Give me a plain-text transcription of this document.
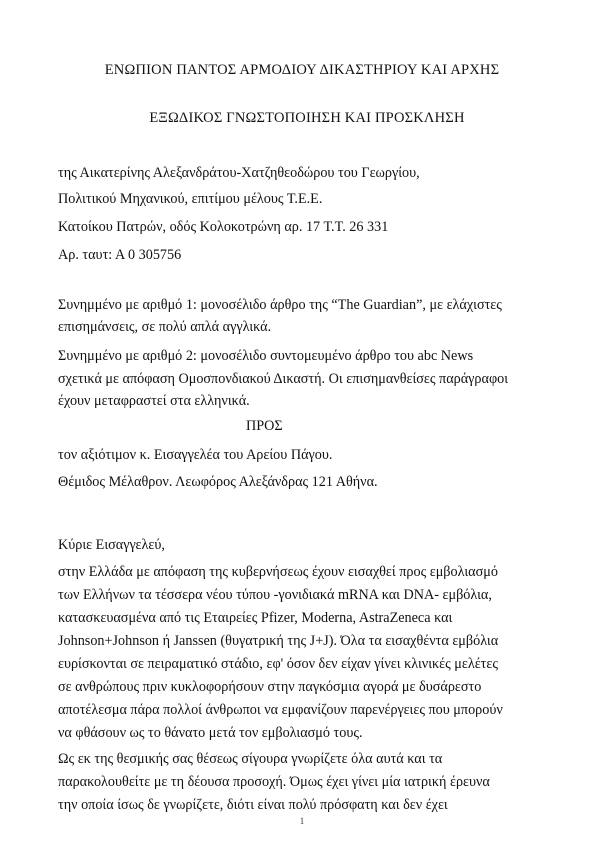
ΕΝΩΠΙΟΝ ΠΑΝΤΟΣ ΑΡΜΟΔΙΟΥ ΔΙΚΑΣΤΗΡΙΟΥ ΚΑΙ ΑΡΧΗΣ
ΕΞΩΔΙΚΟΣ ΓΝΩΣΤΟΠΟΙΗΣΗ ΚΑΙ ΠΡΟΣΚΛΗΣΗ
της Αικατερίνης Αλεξανδράτου-Χατζηθεοδώρου του Γεωργίου,
Πολιτικού Μηχανικού, επιτίμου μέλους Τ.Ε.Ε.
Κατοίκου Πατρών, οδός Κολοκοτρώνη αρ. 17 Τ.Τ. 26 331
Αρ. ταυτ: Α 0 305756
Συνημμένο με αριθμό 1: μονοσέλιδο άρθρο της “The Guardian”, με ελάχιστες
επισημάνσεις, σε πολύ απλά αγγλικά.
Συνημμένο με αριθμό 2: μονοσέλιδο συντομευμένο άρθρο του abc News
σχετικά με απόφαση Ομοσπονδιακού Δικαστή. Οι επισημανθείσες παράγραφοι
έχουν μεταφραστεί στα ελληνικά.
ΠΡΟΣ
τον αξιότιμον κ. Εισαγγελέα του Αρείου Πάγου.
Θέμιδος Μέλαθρον. Λεωφόρος Αλεξάνδρας 121 Αθήνα.
Κύριε Εισαγγελεύ,
στην Ελλάδα με απόφαση της κυβερνήσεως έχουν εισαχθεί προς εμβολιασμό
των Ελλήνων τα τέσσερα νέου τύπου -γονιδιακά mRNA και DNA- εμβόλια,
κατασκευασμένα από τις Εταιρείες Pfizer, Moderna, AstraZeneca και
Johnson+Johnson ή Janssen (θυγατρική της J+J). Όλα τα εισαχθέντα εμβόλια
ευρίσκονται σε πειραματικό στάδιο, εφ' όσον δεν είχαν γίνει κλινικές μελέτες
σε ανθρώπους πριν κυκλοφορήσουν στην παγκόσμια αγορά με δυσάρεστο
αποτέλεσμα πάρα πολλοί άνθρωποι να εμφανίζουν παρενέργειες που μπορούν
να φθάσουν ως το θάνατο μετά τον εμβολιασμό τους.
Ως εκ της θεσμικής σας θέσεως σίγουρα γνωρίζετε όλα αυτά και τα
παρακολουθείτε με τη δέουσα προσοχή. Όμως έχει γίνει μία ιατρική έρευνα
την οποία ίσως δε γνωρίζετε, διότι είναι πολύ πρόσφατη και δεν έχει
1
